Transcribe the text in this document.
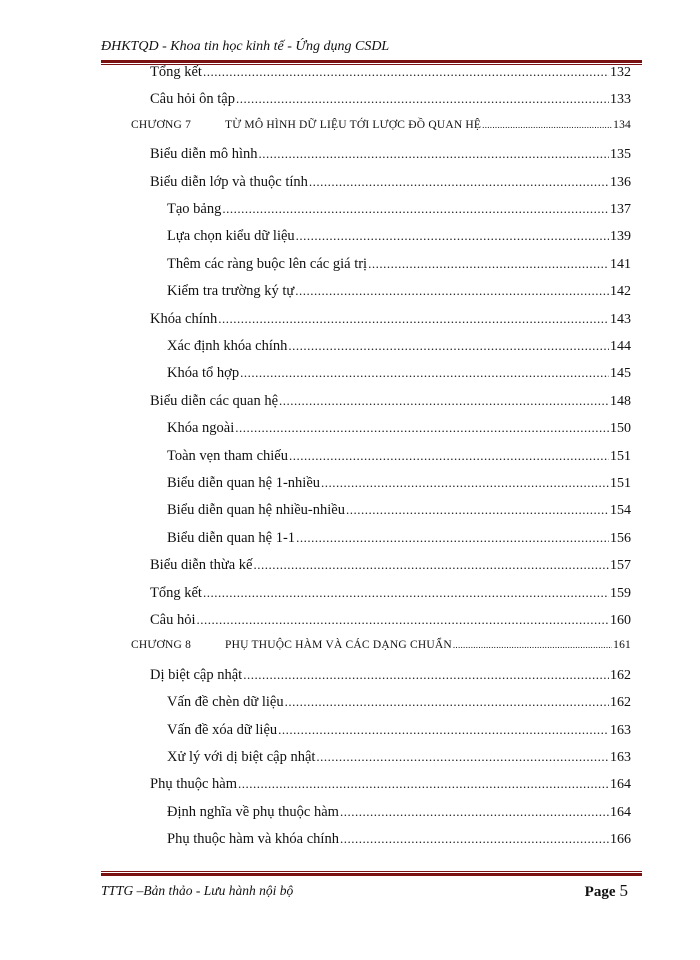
ĐHKTQD - Khoa tin học kinh tế - Ứng dụng CSDL
Tổng kết .....	132
Câu hỏi ôn tập .....	133
CHƯƠNG 7	TỪ MÔ HÌNH DỮ LIỆU TỚI LƯỢC ĐỒ QUAN HỆ .....	134
Biểu diễn mô hình .....	135
Biểu diễn lớp và thuộc tính .....	136
Tạo bảng .....	137
Lựa chọn kiểu dữ liệu .....	139
Thêm các ràng buộc lên các giá trị .....	141
Kiểm tra trường ký tự .....	142
Khóa chính .....	143
Xác định khóa chính .....	144
Khóa tổ hợp .....	145
Biểu diễn các quan hệ .....	148
Khóa ngoài .....	150
Toàn vẹn tham chiếu .....	151
Biểu diễn quan hệ 1-nhiều .....	151
Biểu diễn quan hệ nhiều-nhiều .....	154
Biểu diễn quan hệ 1-1 .....	156
Biểu diễn thừa kế .....	157
Tổng kết .....	159
Câu hỏi .....	160
CHƯƠNG 8	PHỤ THUỘC HÀM VÀ CÁC DẠNG CHUẨN .....	161
Dị biệt cập nhật .....	162
Vấn đề chèn dữ liệu .....	162
Vấn đề xóa dữ liệu .....	163
Xử lý với dị biệt cập nhật .....	163
Phụ thuộc hàm .....	164
Định nghĩa về phụ thuộc hàm .....	164
Phụ thuộc hàm và khóa chính .....	166
TTTG –Bản thảo - Lưu hành nội bộ	Page 5
